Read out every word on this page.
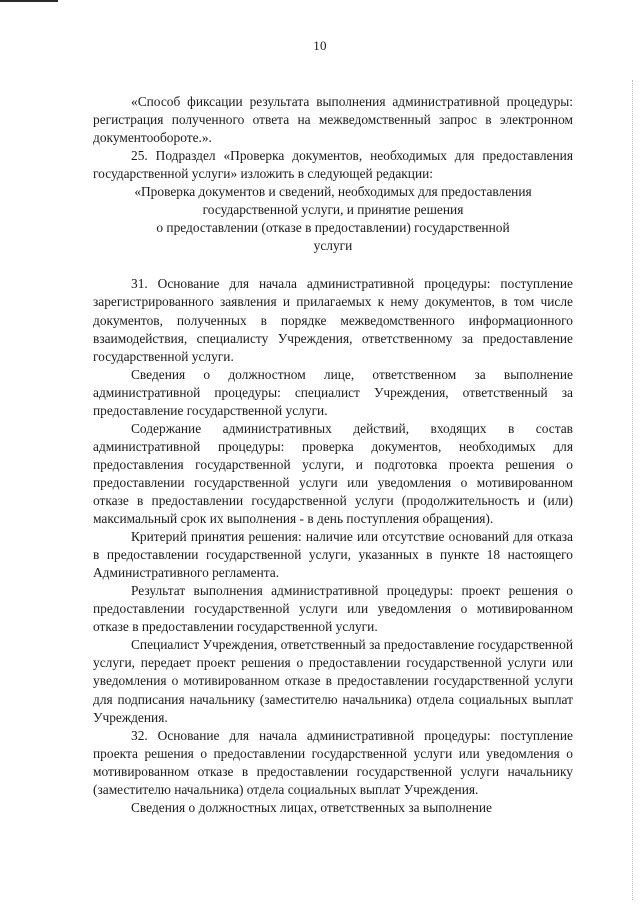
10

«Способ фиксации результата выполнения административной процедуры: регистрация полученного ответа на межведомственный запрос в электронном документообороте.».

25. Подраздел «Проверка документов, необходимых для предоставления государственной услуги» изложить в следующей редакции:

«Проверка документов и сведений, необходимых для предоставления
государственной услуги, и принятие решения
о предоставлении (отказе в предоставлении) государственной
услуги

31. Основание для начала административной процедуры: поступление зарегистрированного заявления и прилагаемых к нему документов, в том числе документов, полученных в порядке межведомственного информационного взаимодействия, специалисту Учреждения, ответственному за предоставление государственной услуги.

Сведения о должностном лице, ответственном за выполнение административной процедуры: специалист Учреждения, ответственный за предоставление государственной услуги.

Содержание административных действий, входящих в состав административной процедуры: проверка документов, необходимых для предоставления государственной услуги, и подготовка проекта решения о предоставлении государственной услуги или уведомления о мотивированном отказе в предоставлении государственной услуги (продолжительность и (или) максимальный срок их выполнения - в день поступления обращения).

Критерий принятия решения: наличие или отсутствие оснований для отказа в предоставлении государственной услуги, указанных в пункте 18 настоящего Административного регламента.

Результат выполнения административной процедуры: проект решения о предоставлении государственной услуги или уведомления о мотивированном отказе в предоставлении государственной услуги.

Специалист Учреждения, ответственный за предоставление государственной услуги, передает проект решения о предоставлении государственной услуги или уведомления о мотивированном отказе в предоставлении государственной услуги для подписания начальнику (заместителю начальника) отдела социальных выплат Учреждения.

32. Основание для начала административной процедуры: поступление проекта решения о предоставлении государственной услуги или уведомления о мотивированном отказе в предоставлении государственной услуги начальнику (заместителю начальника) отдела социальных выплат Учреждения.

Сведения о должностных лицах, ответственных за выполнение
